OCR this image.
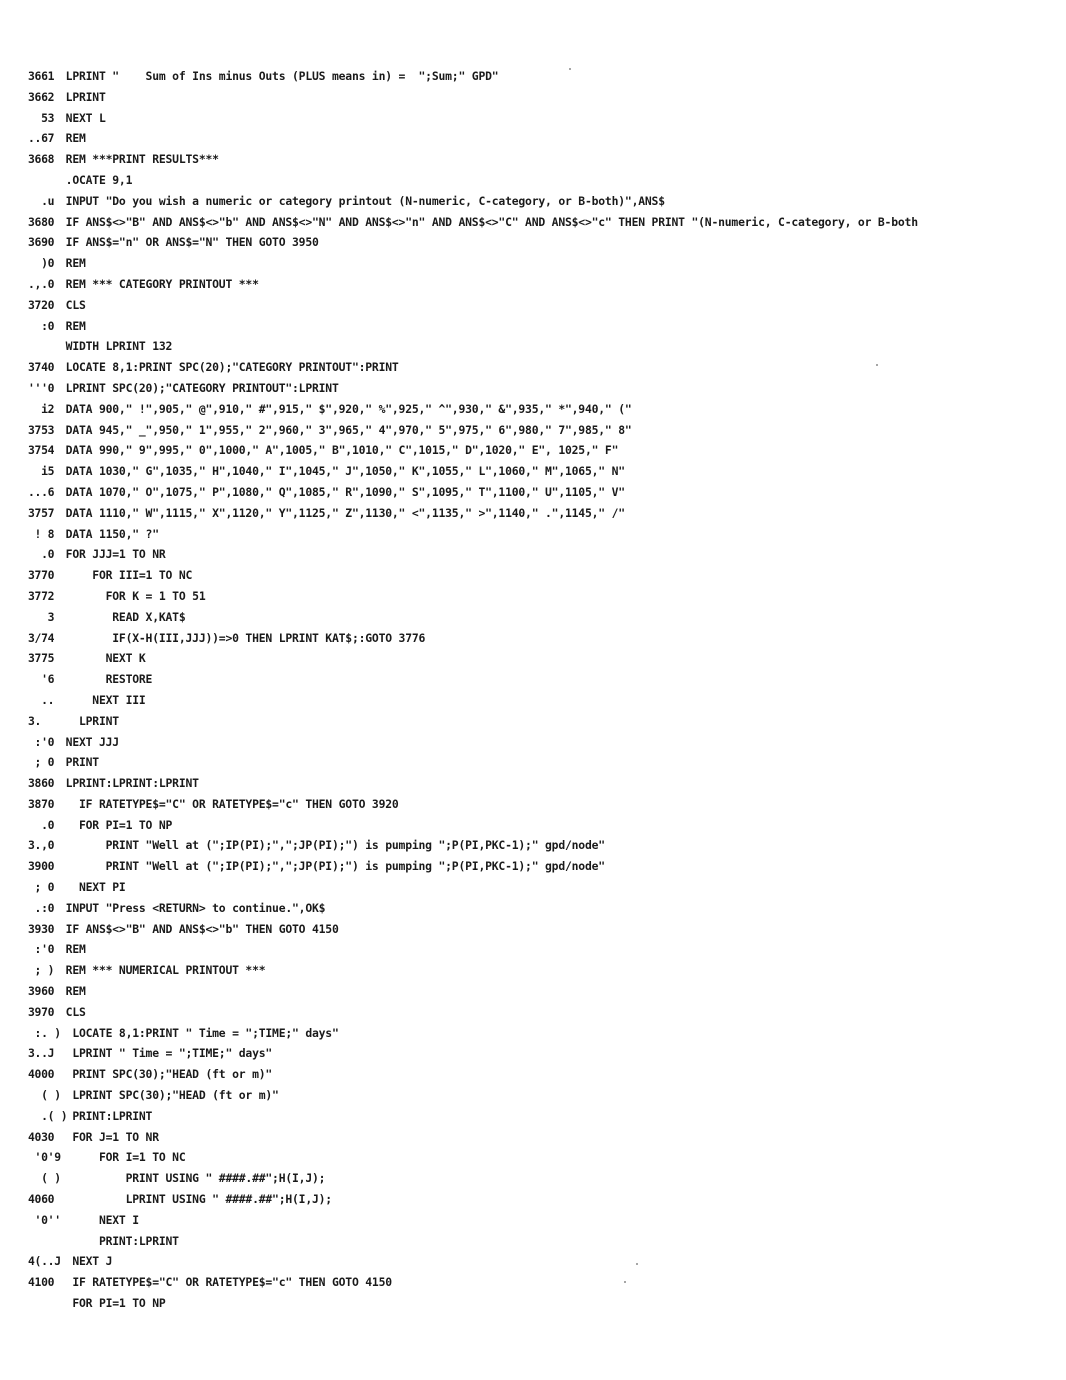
3661 LPRINT "    Sum of Ins minus Outs (PLUS means in) =  ";Sum;" GPD"
3662 LPRINT
53 NEXT L
..67 REM
3668 REM ***PRINT RESULTS***
.OCATE 9,1
.u INPUT "Do you wish a numeric or category printout (N-numeric, C-category, or B-both)",ANS$
3680 IF ANS$<>"B" AND ANS$<>"b" AND ANS$<>"N" AND ANS$<>"n" AND ANS$<>"C" AND ANS$<>"c" THEN PRINT "(N-numeric, C-category, or B-both
3690 IF ANS$="n" OR ANS$="N" THEN GOTO 3950
)0 REM
.,.0 REM *** CATEGORY PRINTOUT ***
3720 CLS
:0 REM
WIDTH LPRINT 132
3740 LOCATE 8,1:PRINT SPC(20);"CATEGORY PRINTOUT":PRINT
'''0 LPRINT SPC(20);"CATEGORY PRINTOUT":LPRINT
i2 DATA 900," !",905," @",910," #",915," $",920," %",925," ^",930," &",935," *",940," ("
3753 DATA 945," _",950," 1",955," 2",960," 3",965," 4",970," 5",975," 6",980," 7",985," 8"
3754 DATA 990," 9",995," 0",1000," A",1005," B",1010," C",1015," D",1020," E", 1025," F"
i5 DATA 1030," G",1035," H",1040," I",1045," J",1050," K",1055," L",1060," M",1065," N"
...6 DATA 1070," O",1075," P",1080," Q",1085," R",1090," S",1095," T",1100," U",1105," V"
3757 DATA 1110," W",1115," X",1120," Y",1125," Z",1130," <",1135," >",1140," .",1145," /"
! 8 DATA 1150," ?"
.0 FOR JJJ=1 TO NR
3770     FOR III=1 TO NC
3772       FOR K = 1 TO 51
3        READ X,KAT$
3/74        IF(X-H(III,JJJ))=>0 THEN LPRINT KAT$;:GOTO 3776
3775       NEXT K
'6       RESTORE
..     NEXT III
3.     LPRINT
:'0 NEXT JJJ
; 0 PRINT
3860 LPRINT:LPRINT:LPRINT
3870   IF RATETYPE$="C" OR RATETYPE$="c" THEN GOTO 3920
.0   FOR PI=1 TO NP
3.,0       PRINT "Well at (";IP(PI);",";JP(PI);") is pumping ";P(PI,PKC-1);" gpd/node"
3900       PRINT "Well at (";IP(PI);",";JP(PI);") is pumping ";P(PI,PKC-1);" gpd/node"
; 0   NEXT PI
.:0 INPUT "Press <RETURN> to continue.",OK$
3930 IF ANS$<>"B" AND ANS$<>"b" THEN GOTO 4150
:'0 REM
; ) REM *** NUMERICAL PRINTOUT ***
3960 REM
3970 CLS
:. )  LOCATE 8,1:PRINT " Time = ";TIME;" days"
3..J  LPRINT " Time = ";TIME;" days"
4000  PRINT SPC(30);"HEAD (ft or m)"
( )  LPRINT SPC(30);"HEAD (ft or m)"
.( )  PRINT:LPRINT
4030  FOR J=1 TO NR
'0'9      FOR I=1 TO NC
( )          PRINT USING " ####.##";H(I,J);
4060          LPRINT USING " ####.##";H(I,J);
'0''      NEXT I
PRINT:LPRINT
4(..J  NEXT J
4100  IF RATETYPE$="C" OR RATETYPE$="c" THEN GOTO 4150
FOR PI=1 TO NP
